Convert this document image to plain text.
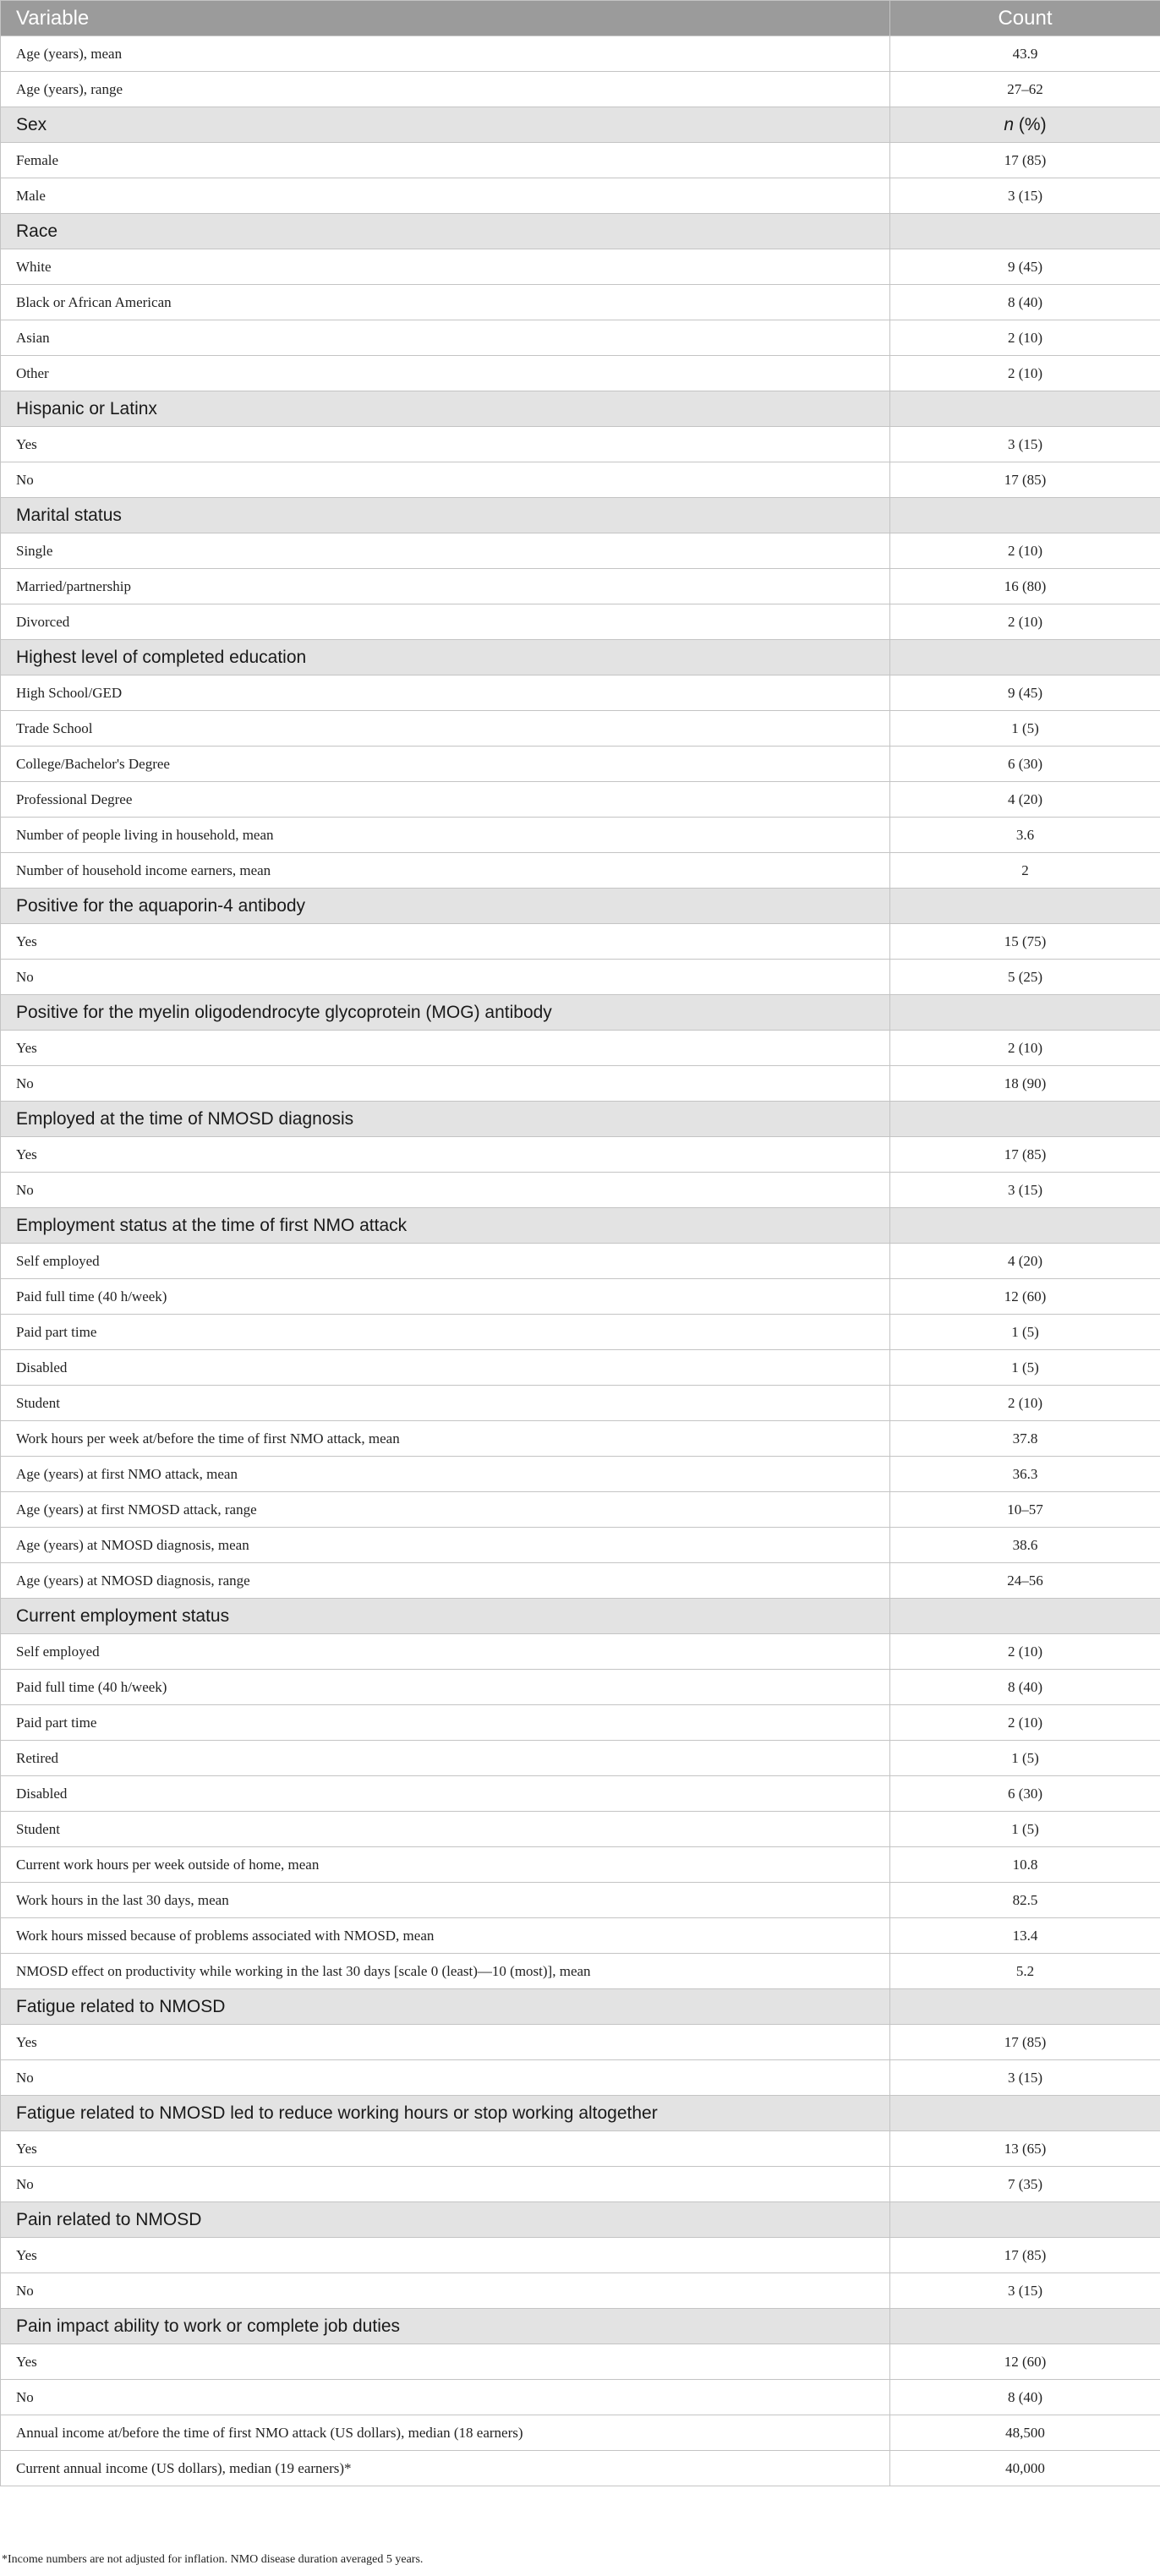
Variable	Count
Age (years), mean	43.9
Age (years), range	27–62
Sex	n (%)
Female	17 (85)
Male	3 (15)
Race	
White	9 (45)
Black or African American	8 (40)
Asian	2 (10)
Other	2 (10)
Hispanic or Latinx	
Yes	3 (15)
No	17 (85)
Marital status	
Single	2 (10)
Married/partnership	16 (80)
Divorced	2 (10)
Highest level of completed education	
High School/GED	9 (45)
Trade School	1 (5)
College/Bachelor's Degree	6 (30)
Professional Degree	4 (20)
Number of people living in household, mean	3.6
Number of household income earners, mean	2
Positive for the aquaporin-4 antibody	
Yes	15 (75)
No	5 (25)
Positive for the myelin oligodendrocyte glycoprotein (MOG) antibody	
Yes	2 (10)
No	18 (90)
Employed at the time of NMOSD diagnosis	
Yes	17 (85)
No	3 (15)
Employment status at the time of first NMO attack	
Self employed	4 (20)
Paid full time (40 h/week)	12 (60)
Paid part time	1 (5)
Disabled	1 (5)
Student	2 (10)
Work hours per week at/before the time of first NMO attack, mean	37.8
Age (years) at first NMO attack, mean	36.3
Age (years) at first NMOSD attack, range	10–57
Age (years) at NMOSD diagnosis, mean	38.6
Age (years) at NMOSD diagnosis, range	24–56
Current employment status	
Self employed	2 (10)
Paid full time (40 h/week)	8 (40)
Paid part time	2 (10)
Retired	1 (5)
Disabled	6 (30)
Student	1 (5)
Current work hours per week outside of home, mean	10.8
Work hours in the last 30 days, mean	82.5
Work hours missed because of problems associated with NMOSD, mean	13.4
NMOSD effect on productivity while working in the last 30 days [scale 0 (least)—10 (most)], mean	5.2
Fatigue related to NMOSD	
Yes	17 (85)
No	3 (15)
Fatigue related to NMOSD led to reduce working hours or stop working altogether	
Yes	13 (65)
No	7 (35)
Pain related to NMOSD	
Yes	17 (85)
No	3 (15)
Pain impact ability to work or complete job duties	
Yes	12 (60)
No	8 (40)
Annual income at/before the time of first NMO attack (US dollars), median (18 earners)	48,500
Current annual income (US dollars), median (19 earners)*	40,000
*Income numbers are not adjusted for inflation. NMO disease duration averaged 5 years.
